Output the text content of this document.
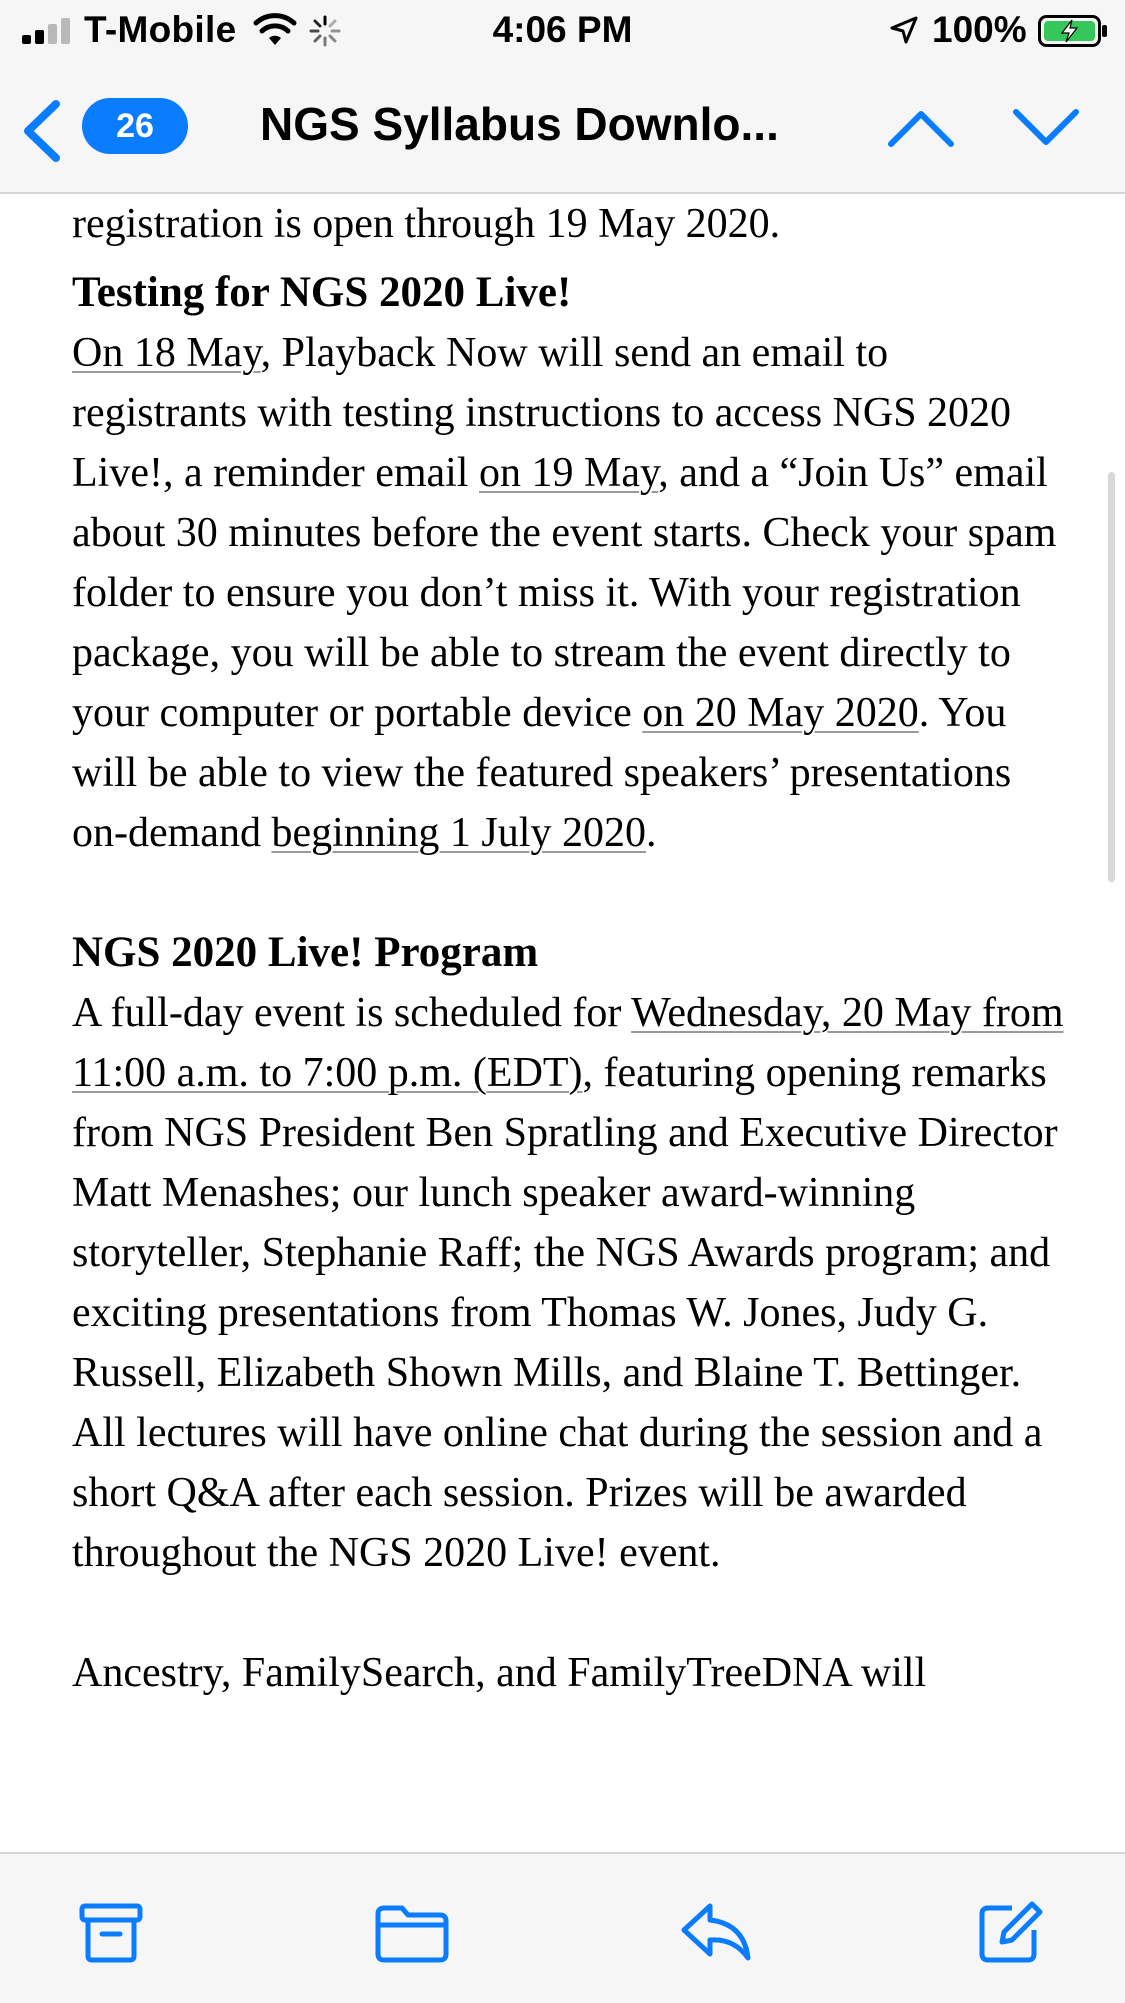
T-Mobile	4:06 PM	100%
26	NGS Syllabus Downlo...
registration is open through 19 May 2020.

Testing for NGS 2020 Live!

On 18 May, Playback Now will send an email to registrants with testing instructions to access NGS 2020 Live!, a reminder email on 19 May, and a “Join Us” email about 30 minutes before the event starts. Check your spam folder to ensure you don’t miss it. With your registration package, you will be able to stream the event directly to your computer or portable device on 20 May 2020. You will be able to view the featured speakers’ presentations on-demand beginning 1 July 2020.

NGS 2020 Live! Program

A full-day event is scheduled for Wednesday, 20 May from 11:00 a.m. to 7:00 p.m. (EDT), featuring opening remarks from NGS President Ben Spratling and Executive Director Matt Menashes; our lunch speaker award-winning storyteller, Stephanie Raff; the NGS Awards program; and exciting presentations from Thomas W. Jones, Judy G. Russell, Elizabeth Shown Mills, and Blaine T. Bettinger. All lectures will have online chat during the session and a short Q&A after each session. Prizes will be awarded throughout the NGS 2020 Live! event.

Ancestry, FamilySearch, and FamilyTreeDNA will
